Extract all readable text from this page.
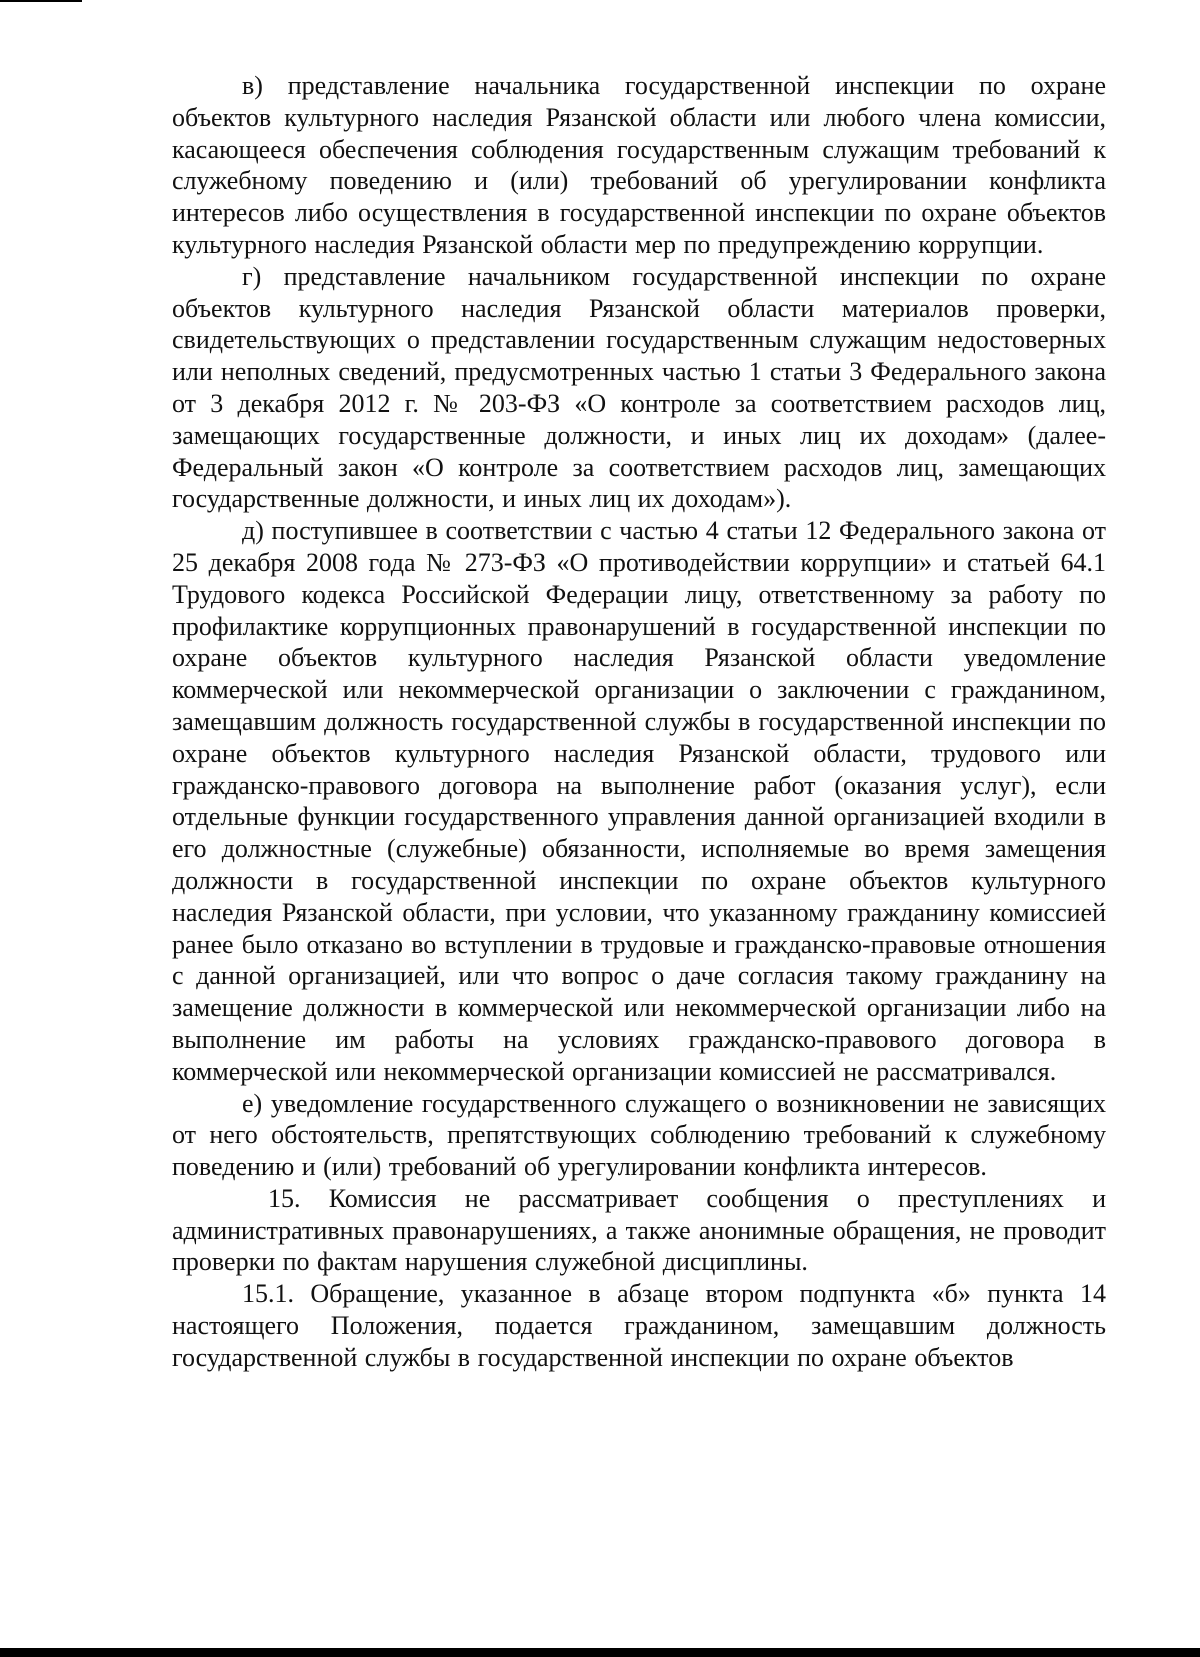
в) представление начальника государственной инспекции по охране объектов культурного наследия Рязанской области или любого члена комиссии, касающееся обеспечения соблюдения государственным служащим требований к служебному поведению и (или) требований об урегулировании конфликта интересов либо осуществления в государственной инспекции по охране объектов культурного наследия Рязанской области мер по предупреждению коррупции.

г) представление начальником государственной инспекции по охране объектов культурного наследия Рязанской области материалов проверки, свидетельствующих о представлении государственным служащим недостоверных или неполных сведений, предусмотренных частью 1 статьи 3 Федерального закона от 3 декабря 2012 г. № 203-ФЗ «О контроле за соответствием расходов лиц, замещающих государственные должности, и иных лиц их доходам» (далее- Федеральный закон «О контроле за соответствием расходов лиц, замещающих государственные должности, и иных лиц их доходам»).

д) поступившее в соответствии с частью 4 статьи 12 Федерального закона от 25 декабря 2008 года № 273-ФЗ «О противодействии коррупции» и статьей 64.1 Трудового кодекса Российской Федерации лицу, ответственному за работу по профилактике коррупционных правонарушений в государственной инспекции по охране объектов культурного наследия Рязанской области уведомление коммерческой или некоммерческой организации о заключении с гражданином, замещавшим должность государственной службы в государственной инспекции по охране объектов культурного наследия Рязанской области, трудового или гражданско-правового договора на выполнение работ (оказания услуг), если отдельные функции государственного управления данной организацией входили в его должностные (служебные) обязанности, исполняемые во время замещения должности в государственной инспекции по охране объектов культурного наследия Рязанской области, при условии, что указанному гражданину комиссией ранее было отказано во вступлении в трудовые и гражданско-правовые отношения с данной организацией, или что вопрос о даче согласия такому гражданину на замещение должности в коммерческой или некоммерческой организации либо на выполнение им работы на условиях гражданско-правового договора в коммерческой или некоммерческой организации комиссией не рассматривался.

е) уведомление государственного служащего о возникновении не зависящих от него обстоятельств, препятствующих соблюдению требований к служебному поведению и (или) требований об урегулировании конфликта интересов.

15. Комиссия не рассматривает сообщения о преступлениях и административных правонарушениях, а также анонимные обращения, не проводит проверки по фактам нарушения служебной дисциплины.

15.1. Обращение, указанное в абзаце втором подпункта «б» пункта 14 настоящего Положения, подается гражданином, замещавшим должность государственной службы в государственной инспекции по охране объектов
